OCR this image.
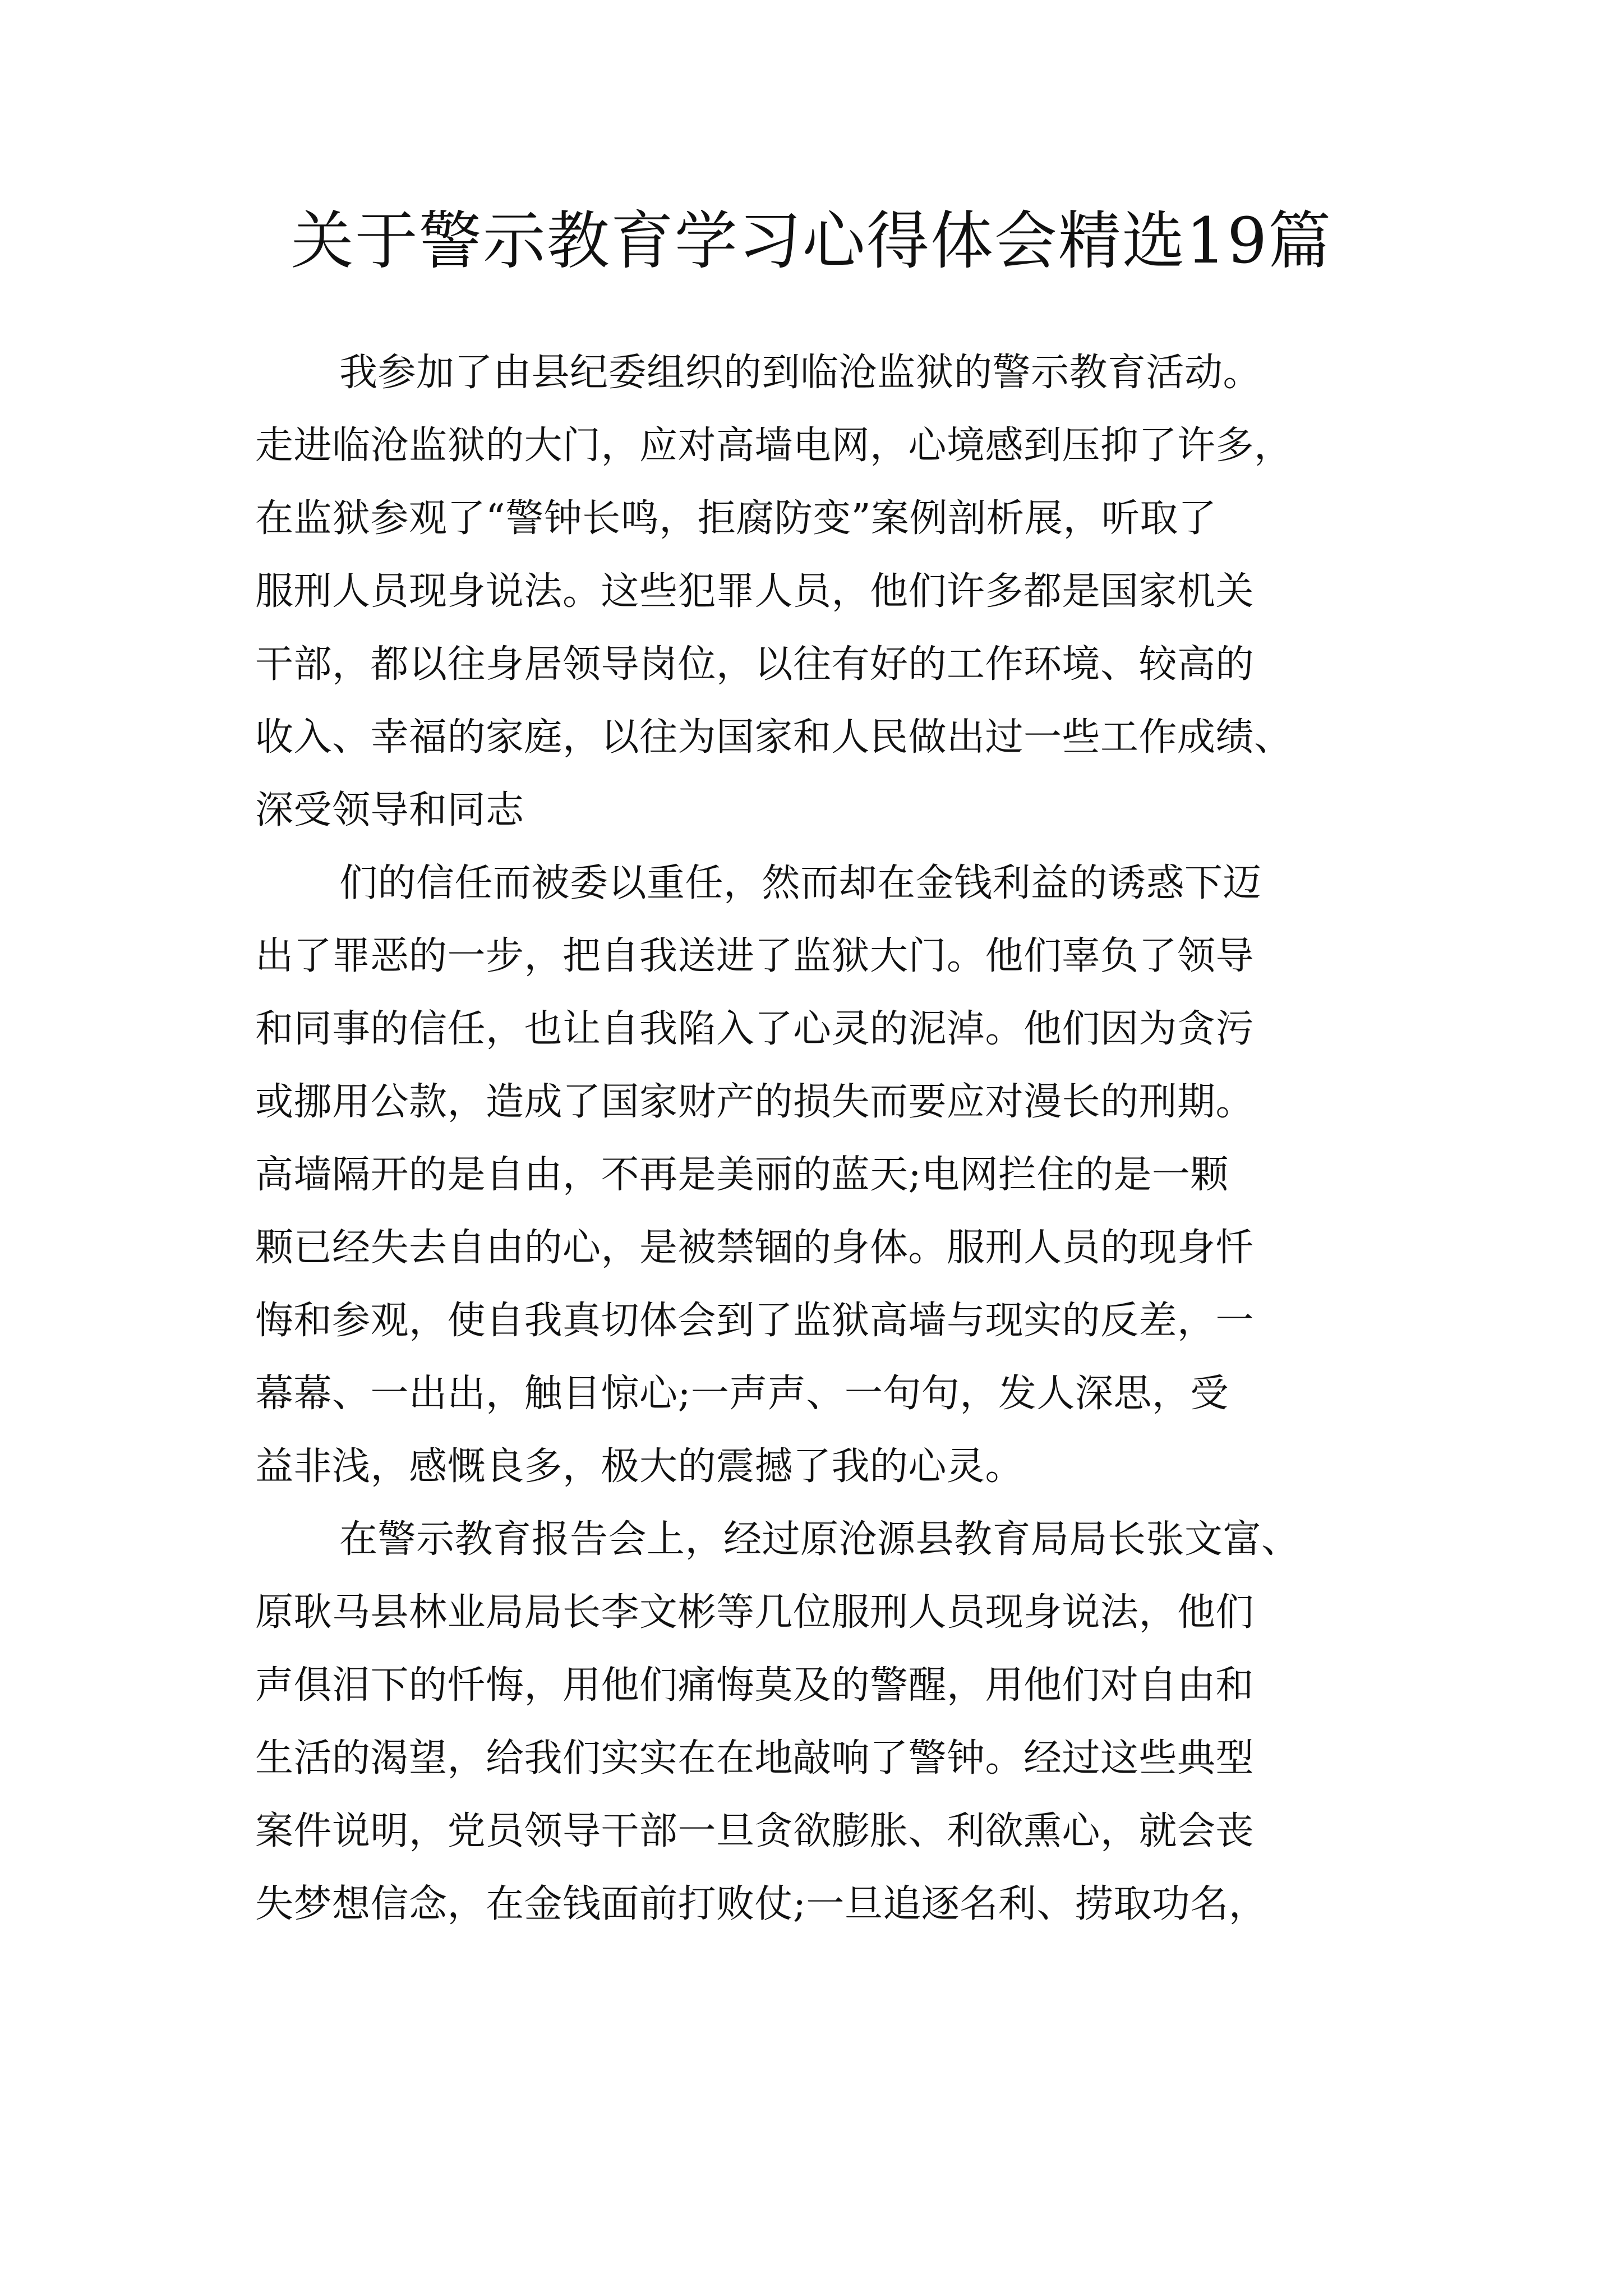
关于警示教育学习心得体会精选19篇

我参加了由县纪委组织的到临沧监狱的警示教育活动。
走进临沧监狱的大门，应对高墙电网，心境感到压抑了许多，
在监狱参观了“警钟长鸣，拒腐防变”案例剖析展，听取了
服刑人员现身说法。这些犯罪人员，他们许多都是国家机关
干部，都以往身居领导岗位，以往有好的工作环境、较高的
收入、幸福的家庭，以往为国家和人民做出过一些工作成绩、
深受领导和同志

们的信任而被委以重任，然而却在金钱利益的诱惑下迈
出了罪恶的一步，把自我送进了监狱大门。他们辜负了领导
和同事的信任，也让自我陷入了心灵的泥淖。他们因为贪污
或挪用公款，造成了国家财产的损失而要应对漫长的刑期。
高墙隔开的是自由，不再是美丽的蓝天;电网拦住的是一颗
颗已经失去自由的心，是被禁锢的身体。服刑人员的现身忏
悔和参观，使自我真切体会到了监狱高墙与现实的反差，一
幕幕、一出出，触目惊心;一声声、一句句，发人深思，受
益非浅，感慨良多，极大的震撼了我的心灵。

在警示教育报告会上，经过原沧源县教育局局长张文富、
原耿马县林业局局长李文彬等几位服刑人员现身说法，他们
声俱泪下的忏悔，用他们痛悔莫及的警醒，用他们对自由和
生活的渴望，给我们实实在在地敲响了警钟。经过这些典型
案件说明，党员领导干部一旦贪欲膨胀、利欲熏心，就会丧
失梦想信念，在金钱面前打败仗;一旦追逐名利、捞取功名，
